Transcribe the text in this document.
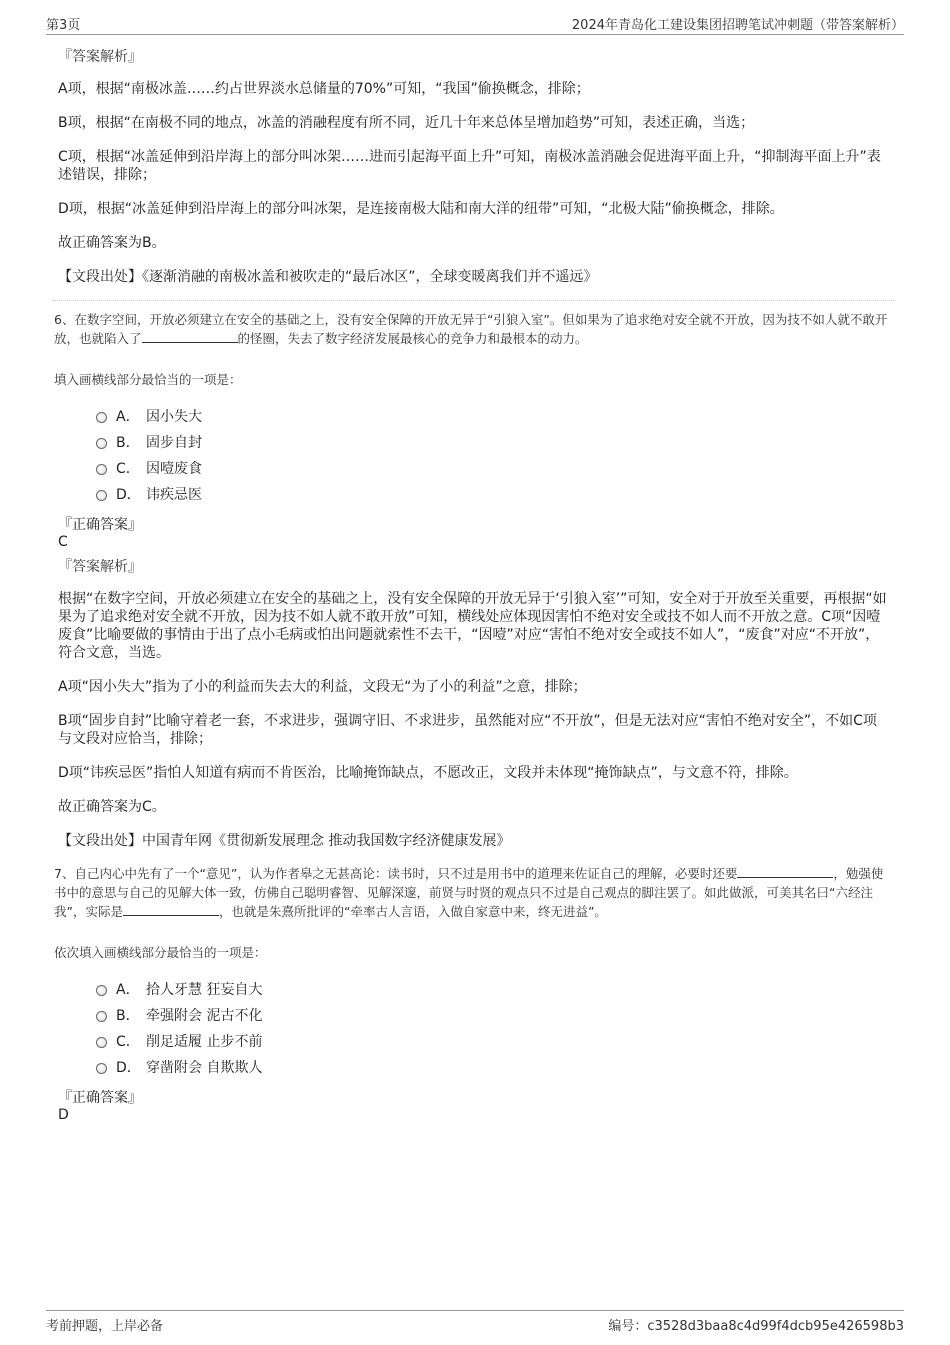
第3页	2024年青岛化工建设集团招聘笔试冲刺题（带答案解析）
『答案解析』
A项，根据“南极冰盖……约占世界淡水总储量的70%”可知，“我国”偷换概念，排除；
B项，根据“在南极不同的地点，冰盖的消融程度有所不同，近几十年来总体呈增加趋势”可知，表述正确，当选；
C项，根据“冰盖延伸到沿岸海上的部分叫冰架……进而引起海平面上升”可知，南极冰盖消融会促进海平面上升，“抑制海平面上升”表述错误，排除；
D项，根据“冰盖延伸到沿岸海上的部分叫冰架，是连接南极大陆和南大洋的纽带”可知，“北极大陆”偷换概念，排除。
故正确答案为B。
【文段出处】《逐渐消融的南极冰盖和被吹走的“最后冰区”，全球变暖离我们并不遥远》
6、在数字空间，开放必须建立在安全的基础之上，没有安全保障的开放无异于“引狼入室”。但如果为了追求绝对安全就不开放，因为技不如人就不敢开放，也就陷入了	的怪圈，失去了数字经济发展最核心的竞争力和最根本的动力。
填入画横线部分最恰当的一项是：
A． 因小失大
B． 固步自封
C． 因噎废食
D． 讳疾忌医
『正确答案』
C
『答案解析』
根据“在数字空间，开放必须建立在安全的基础之上，没有安全保障的开放无异于‘引狼入室’”可知，安全对于开放至关重要，再根据“如果为了追求绝对安全就不开放，因为技不如人就不敢开放”可知，横线处应体现因害怕不绝对安全或技不如人而不开放之意。C项“因噎废食”比喻要做的事情由于出了点小毛病或怕出问题就索性不去干，“因噎”对应“害怕不绝对安全或技不如人”，“废食”对应“不开放”，符合文意，当选。
A项“因小失大”指为了小的利益而失去大的利益，文段无“为了小的利益”之意，排除；
B项“固步自封”比喻守着老一套，不求进步，强调守旧、不求进步，虽然能对应“不开放”，但是无法对应“害怕不绝对安全”，不如C项与文段对应恰当，排除；
D项“讳疾忌医”指怕人知道有病而不肯医治，比喻掩饰缺点，不愿改正，文段并未体现“掩饰缺点”，与文意不符，排除。
故正确答案为C。
【文段出处】中国青年网《贯彻新发展理念 推动我国数字经济健康发展》
7、自己内心中先有了一个“意见”，认为作者皋之无甚高论：读书时，只不过是用书中的道理来佐证自己的理解，必要时还要	，勉强使书中的意思与自己的见解大体一致，仿佛自己聪明睿智、见解深邃，前贤与时贤的观点只不过是自己观点的脚注罢了。如此做派，可美其名曰“六经注我”，实际是	，也就是朱熹所批评的“牵率古人言语，入做自家意中来，终无进益”。
依次填入画横线部分最恰当的一项是：
A． 拾人牙慧 狂妄自大
B． 牵强附会 泥古不化
C． 削足适履 止步不前
D． 穿凿附会 自欺欺人
『正确答案』
D
考前押题，上岸必备	编号：c3528d3baa8c4d99f4dcb95e426598b3
